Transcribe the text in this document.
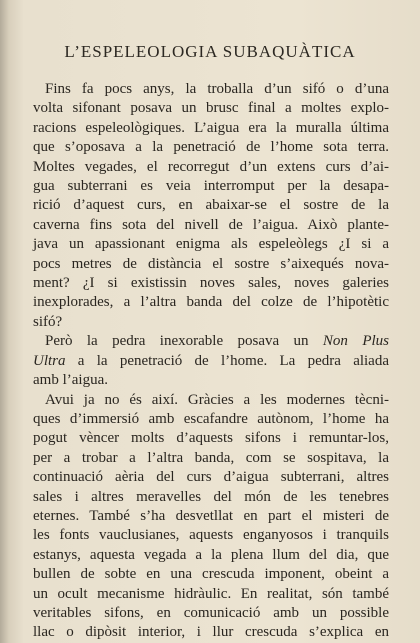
L’ESPELEOLOGIA SUBAQUÀTICA
Fins fa pocs anys, la troballa d’un sifó o d’una
volta sifonant posava un brusc final a moltes explo-
racions espeleològiques. L’aigua era la muralla última
que s’oposava a la penetració de l’home sota terra.
Moltes vegades, el recorregut d’un extens curs d’ai-
gua subterrani es veia interromput per la desapa-
rició d’aquest curs, en abaixar-se el sostre de la
caverna fins sota del nivell de l’aigua. Això plante-
java un apassionant enigma als espeleòlegs ¿I si a
pocs metres de distància el sostre s’aixequés nova-
ment? ¿I si existissin noves sales, noves galeries
inexplorades, a l’altra banda del colze de l’hipotètic
sifó?
Però la pedra inexorable posava un Non Plus
Ultra a la penetració de l’home. La pedra aliada
amb l’aigua.
Avui ja no és així. Gràcies a les modernes tècni-
ques d’immersió amb escafandre autònom, l’home ha
pogut vèncer molts d’aquests sifons i remuntar-los,
per a trobar a l’altra banda, com se sospitava, la
continuació aèria del curs d’aigua subterrani, altres
sales i altres meravelles del món de les tenebres
eternes. També s’ha desvetllat en part el misteri de
les fonts vauclusianes, aquests enganyosos i tranquils
estanys, aquesta vegada a la plena llum del dia, que
bullen de sobte en una crescuda imponent, obeint a
un ocult mecanisme hidràulic. En realitat, són també
veritables sifons, en comunicació amb un possible
llac o dipòsit interior, i llur crescuda s’explica en
